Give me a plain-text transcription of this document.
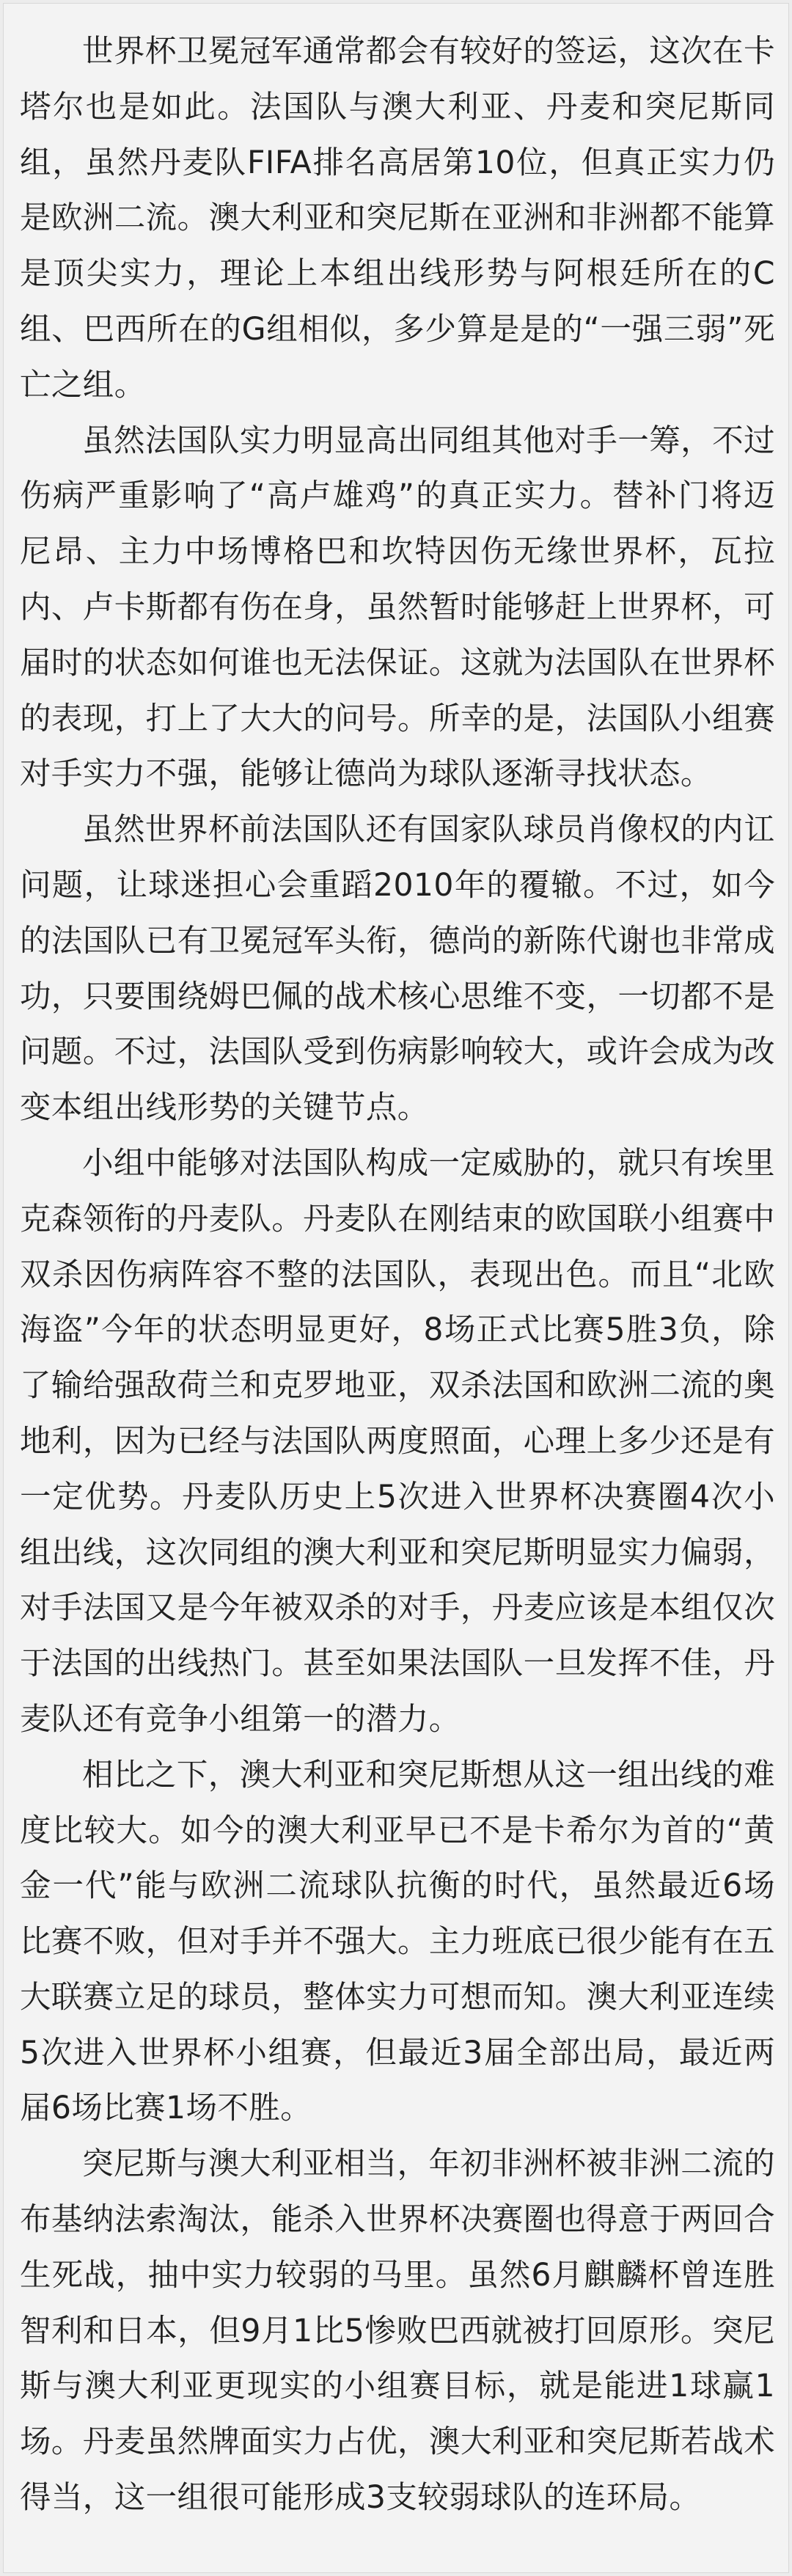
世界杯卫冕冠军通常都会有较好的签运，这次在卡塔尔也是如此。法国队与澳大利亚、丹麦和突尼斯同组，虽然丹麦队FIFA排名高居第10位，但真正实力仍是欧洲二流。澳大利亚和突尼斯在亚洲和非洲都不能算是顶尖实力，理论上本组出线形势与阿根廷所在的C组、巴西所在的G组相似，多少算是是的“一强三弱”死亡之组。

虽然法国队实力明显高出同组其他对手一筹，不过伤病严重影响了“高卢雄鸡”的真正实力。替补门将迈尼昂、主力中场博格巴和坎特因伤无缘世界杯，瓦拉内、卢卡斯都有伤在身，虽然暂时能够赶上世界杯，可届时的状态如何谁也无法保证。这就为法国队在世界杯的表现，打上了大大的问号。所幸的是，法国队小组赛对手实力不强，能够让德尚为球队逐渐寻找状态。

虽然世界杯前法国队还有国家队球员肖像权的内讧问题，让球迷担心会重蹈2010年的覆辙。不过，如今的法国队已有卫冕冠军头衔，德尚的新陈代谢也非常成功，只要围绕姆巴佩的战术核心思维不变，一切都不是问题。不过，法国队受到伤病影响较大，或许会成为改变本组出线形势的关键节点。

小组中能够对法国队构成一定威胁的，就只有埃里克森领衔的丹麦队。丹麦队在刚结束的欧国联小组赛中双杀因伤病阵容不整的法国队，表现出色。而且“北欧海盗”今年的状态明显更好，8场正式比赛5胜3负，除了输给强敌荷兰和克罗地亚，双杀法国和欧洲二流的奥地利，因为已经与法国队两度照面，心理上多少还是有一定优势。丹麦队历史上5次进入世界杯决赛圈4次小组出线，这次同组的澳大利亚和突尼斯明显实力偏弱，对手法国又是今年被双杀的对手，丹麦应该是本组仅次于法国的出线热门。甚至如果法国队一旦发挥不佳，丹麦队还有竞争小组第一的潜力。

相比之下，澳大利亚和突尼斯想从这一组出线的难度比较大。如今的澳大利亚早已不是卡希尔为首的“黄金一代”能与欧洲二流球队抗衡的时代，虽然最近6场比赛不败，但对手并不强大。主力班底已很少能有在五大联赛立足的球员，整体实力可想而知。澳大利亚连续5次进入世界杯小组赛，但最近3届全部出局，最近两届6场比赛1场不胜。

突尼斯与澳大利亚相当，年初非洲杯被非洲二流的布基纳法索淘汰，能杀入世界杯决赛圈也得意于两回合生死战，抽中实力较弱的马里。虽然6月麒麟杯曾连胜智利和日本，但9月1比5惨败巴西就被打回原形。突尼斯与澳大利亚更现实的小组赛目标，就是能进1球赢1场。丹麦虽然牌面实力占优，澳大利亚和突尼斯若战术得当，这一组很可能形成3支较弱球队的连环局。
